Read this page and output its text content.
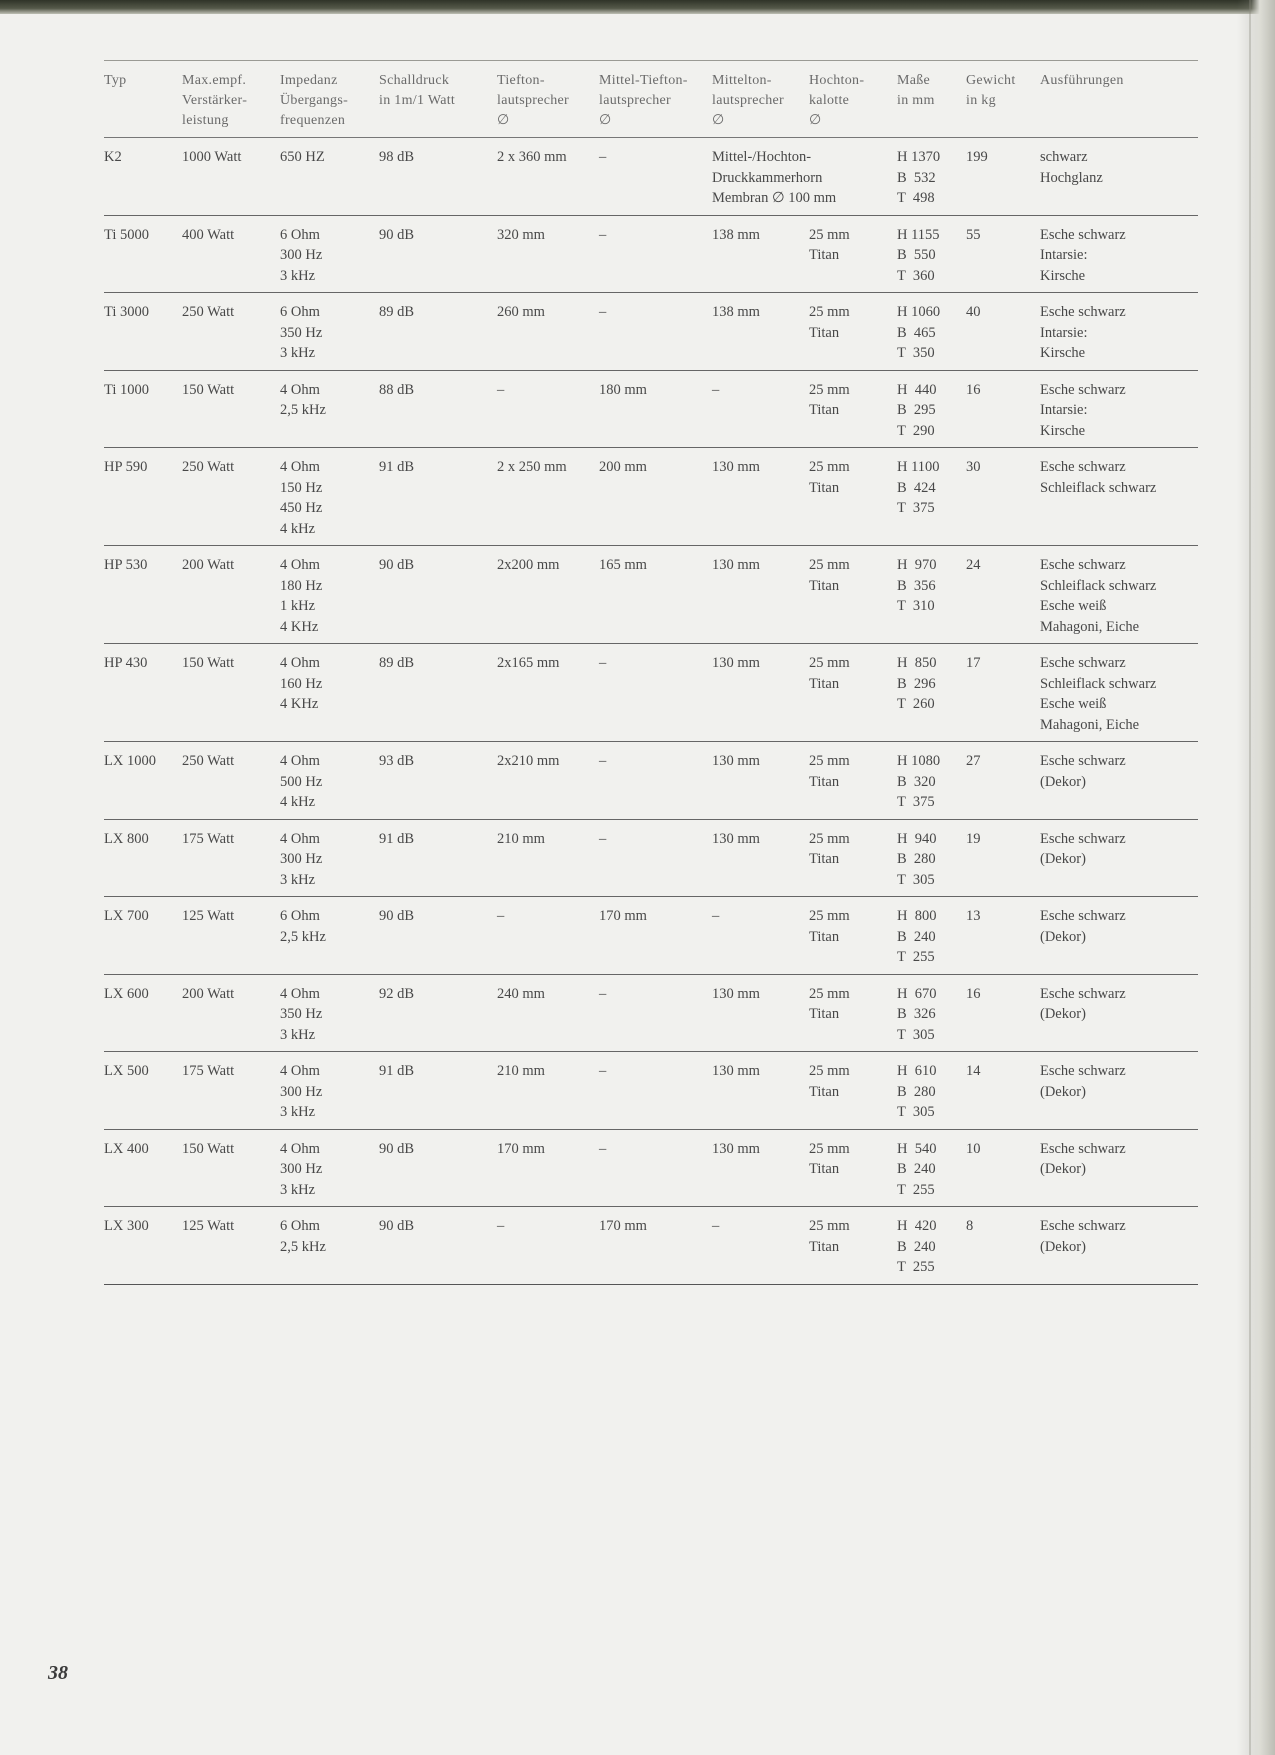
Typ	Max.empf.
Verstärker-
leistung	Impedanz
Übergangs-
frequenzen	Schalldruck
in 1m/1 Watt	Tiefton-
lautsprecher
∅	Mittel-Tiefton-
lautsprecher
∅	Mittelton-
lautsprecher
∅	Hochton-
kalotte
∅	Maße
in mm	Gewicht
in kg	Ausführungen
K2	1000 Watt	650 HZ	98 dB	2 x 360 mm	–	Mittel-/Hochton-
Druckkammerhorn
Membran ∅ 100 mm		H 1370
B  532
T  498	199	schwarz
Hochglanz
Ti 5000	400 Watt	6 Ohm
300 Hz
3 kHz	90 dB	320 mm	–	138 mm	25 mm
Titan	H 1155
B  550
T  360	55	Esche schwarz
Intarsie:
Kirsche
Ti 3000	250 Watt	6 Ohm
350 Hz
3 kHz	89 dB	260 mm	–	138 mm	25 mm
Titan	H 1060
B  465
T  350	40	Esche schwarz
Intarsie:
Kirsche
Ti 1000	150 Watt	4 Ohm
2,5 kHz	88 dB	–	180 mm	–	25 mm
Titan	H  440
B  295
T  290	16	Esche schwarz
Intarsie:
Kirsche
HP 590	250 Watt	4 Ohm
150 Hz
450 Hz
4 kHz	91 dB	2 x 250 mm	200 mm	130 mm	25 mm
Titan	H 1100
B  424
T  375	30	Esche schwarz
Schleiflack schwarz
HP 530	200 Watt	4 Ohm
180 Hz
1 kHz
4 KHz	90 dB	2x200 mm	165 mm	130 mm	25 mm
Titan	H  970
B  356
T  310	24	Esche schwarz
Schleiflack schwarz
Esche weiß
Mahagoni, Eiche
HP 430	150 Watt	4 Ohm
160 Hz
4 KHz	89 dB	2x165 mm	–	130 mm	25 mm
Titan	H  850
B  296
T  260	17	Esche schwarz
Schleiflack schwarz
Esche weiß
Mahagoni, Eiche
LX 1000	250 Watt	4 Ohm
500 Hz
4 kHz	93 dB	2x210 mm	–	130 mm	25 mm
Titan	H 1080
B  320
T  375	27	Esche schwarz
(Dekor)
LX 800	175 Watt	4 Ohm
300 Hz
3 kHz	91 dB	210 mm	–	130 mm	25 mm
Titan	H  940
B  280
T  305	19	Esche schwarz
(Dekor)
LX 700	125 Watt	6 Ohm
2,5 kHz	90 dB	–	170 mm	–	25 mm
Titan	H  800
B  240
T  255	13	Esche schwarz
(Dekor)
LX 600	200 Watt	4 Ohm
350 Hz
3 kHz	92 dB	240 mm	–	130 mm	25 mm
Titan	H  670
B  326
T  305	16	Esche schwarz
(Dekor)
LX 500	175 Watt	4 Ohm
300 Hz
3 kHz	91 dB	210 mm	–	130 mm	25 mm
Titan	H  610
B  280
T  305	14	Esche schwarz
(Dekor)
LX 400	150 Watt	4 Ohm
300 Hz
3 kHz	90 dB	170 mm	–	130 mm	25 mm
Titan	H  540
B  240
T  255	10	Esche schwarz
(Dekor)
LX 300	125 Watt	6 Ohm
2,5 kHz	90 dB	–	170 mm	–	25 mm
Titan	H  420
B  240
T  255	8	Esche schwarz
(Dekor)
38
